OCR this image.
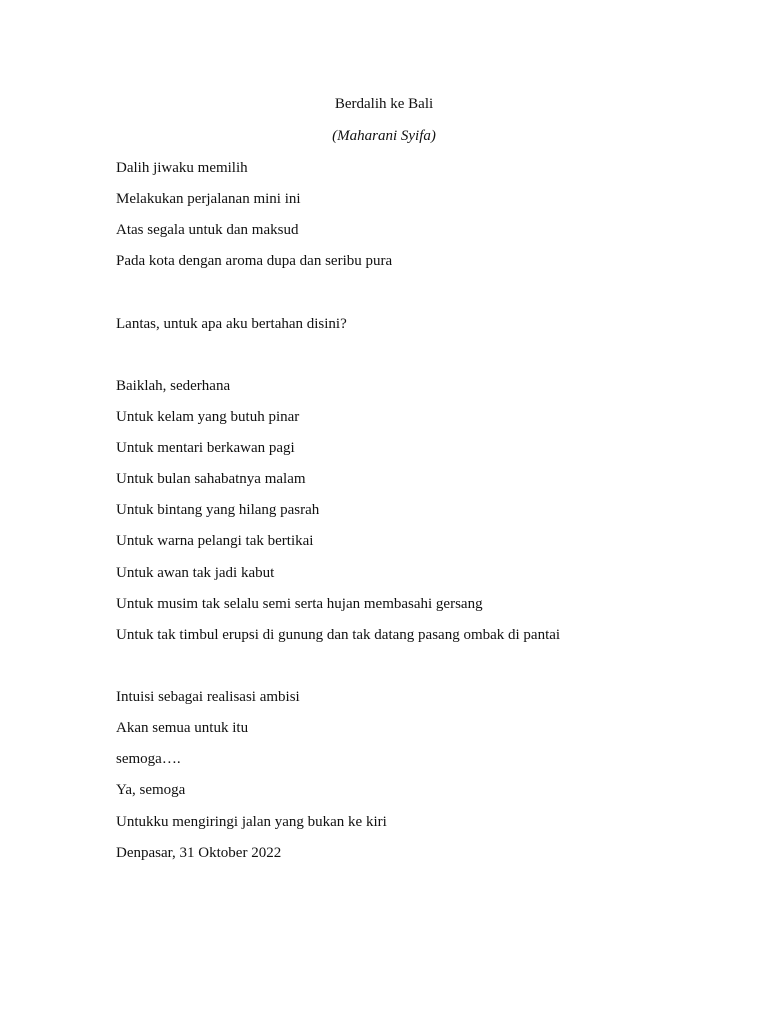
Berdalih ke Bali
(Maharani Syifa)
Dalih jiwaku memilih
Melakukan perjalanan mini ini
Atas segala untuk dan maksud
Pada kota dengan aroma dupa dan seribu pura
Lantas, untuk apa aku bertahan disini?
Baiklah, sederhana
Untuk kelam yang butuh pinar
Untuk mentari berkawan pagi
Untuk bulan sahabatnya malam
Untuk bintang yang hilang pasrah
Untuk warna pelangi tak bertikai
Untuk awan tak jadi kabut
Untuk musim tak selalu semi serta hujan membasahi gersang
Untuk tak timbul erupsi di gunung dan tak datang pasang ombak di pantai
Intuisi sebagai realisasi ambisi
Akan semua untuk itu
semoga….
Ya, semoga
Untukku mengiringi jalan yang bukan ke kiri
Denpasar, 31 Oktober 2022
